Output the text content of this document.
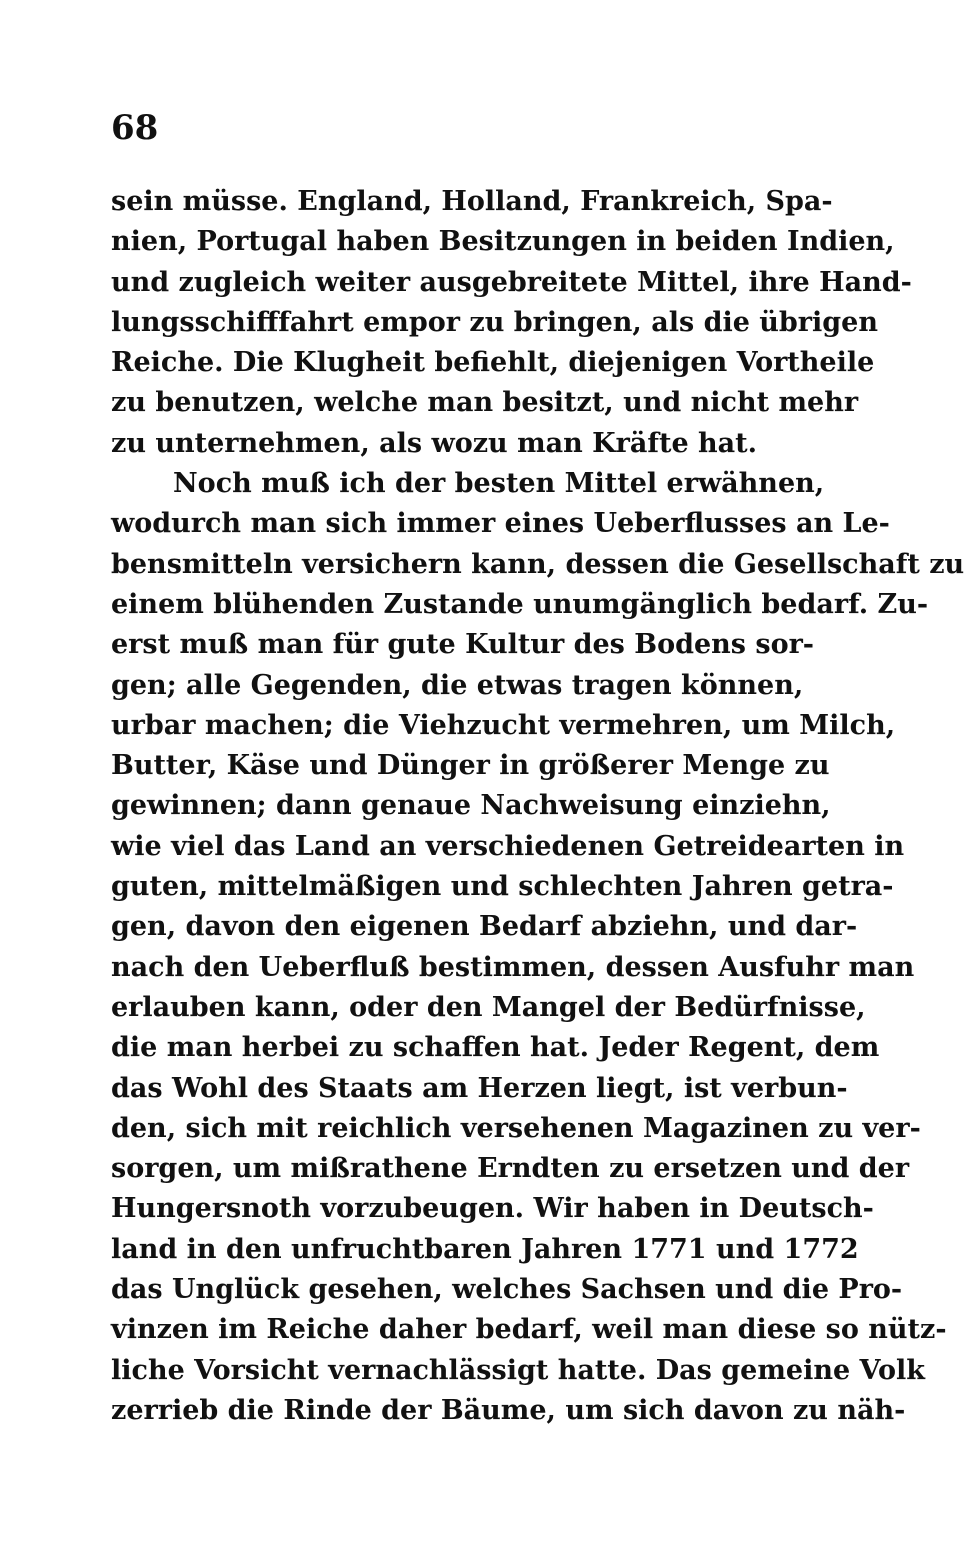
68
sein müsse. England, Holland, Frankreich, Spa-
nien, Portugal haben Besitzungen in beiden Indien,
und zugleich weiter ausgebreitete Mittel, ihre Hand-
lungsschifffahrt empor zu bringen, als die übrigen
Reiche. Die Klugheit befiehlt, diejenigen Vortheile
zu benutzen, welche man besitzt, und nicht mehr
zu unternehmen, als wozu man Kräfte hat.
Noch muß ich der besten Mittel erwähnen,
wodurch man sich immer eines Ueberflusses an Le-
bensmitteln versichern kann, dessen die Gesellschaft zu
einem blühenden Zustande unumgänglich bedarf. Zu-
erst muß man für gute Kultur des Bodens sor-
gen; alle Gegenden, die etwas tragen können,
urbar machen; die Viehzucht vermehren, um Milch,
Butter, Käse und Dünger in größerer Menge zu
gewinnen; dann genaue Nachweisung einziehn,
wie viel das Land an verschiedenen Getreidearten in
guten, mittelmäßigen und schlechten Jahren getra-
gen, davon den eigenen Bedarf abziehn, und dar-
nach den Ueberfluß bestimmen, dessen Ausfuhr man
erlauben kann, oder den Mangel der Bedürfnisse,
die man herbei zu schaffen hat. Jeder Regent, dem
das Wohl des Staats am Herzen liegt, ist verbun-
den, sich mit reichlich versehenen Magazinen zu ver-
sorgen, um mißrathene Erndten zu ersetzen und der
Hungersnoth vorzubeugen. Wir haben in Deutsch-
land in den unfruchtbaren Jahren 1771 und 1772
das Unglück gesehen, welches Sachsen und die Pro-
vinzen im Reiche daher bedarf, weil man diese so nütz-
liche Vorsicht vernachlässigt hatte. Das gemeine Volk
zerrieb die Rinde der Bäume, um sich davon zu näh-
